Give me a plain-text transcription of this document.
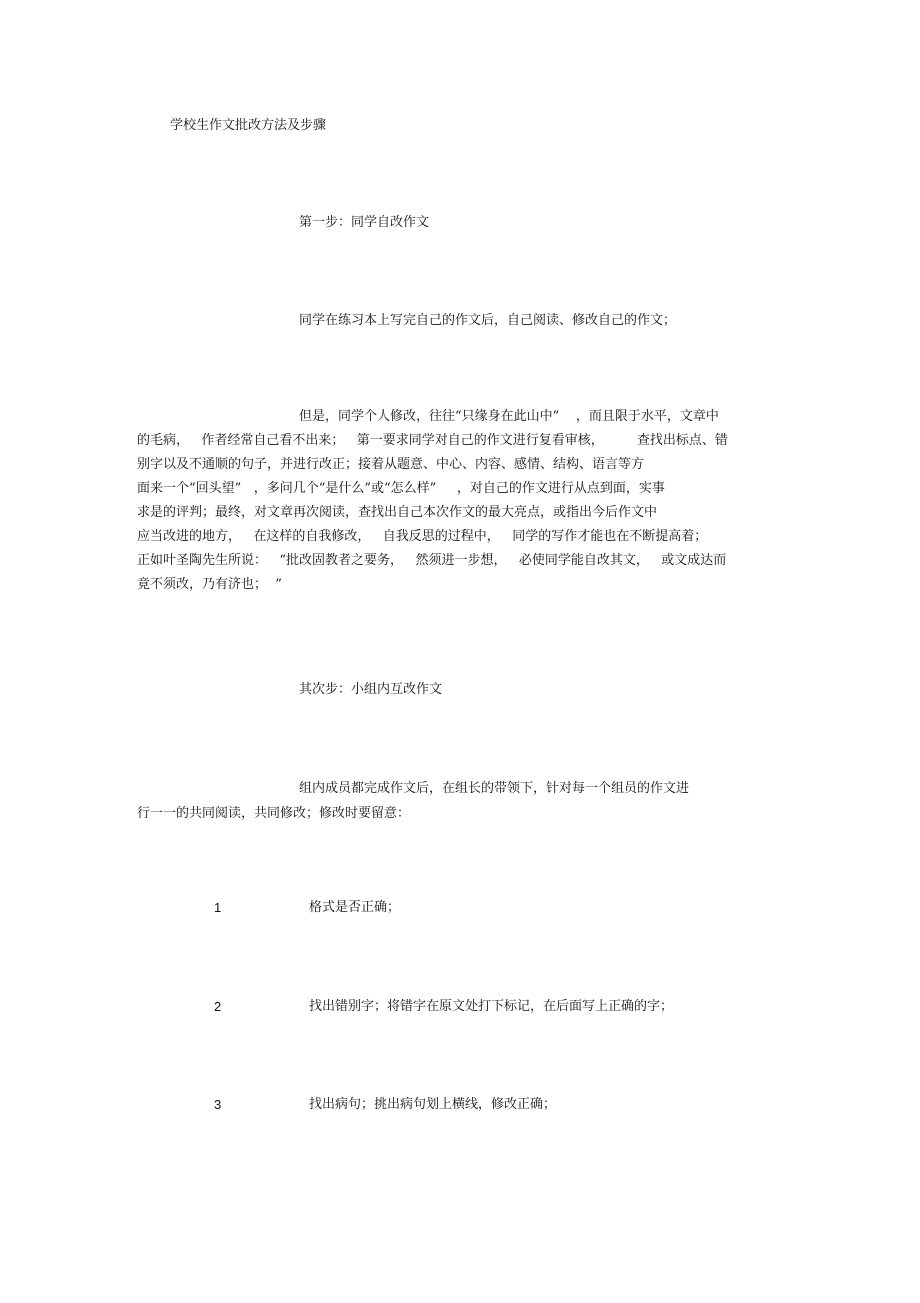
学校生作文批改方法及步骤
第一步：同学自改作文
同学在练习本上写完自己的作文后，自己阅读、修改自己的作文；
但是，同学个人修改，往往“只缘身在此山中”    ，而且限于水平，文章中
的毛病，   作者经常自己看不出来；   第一要求同学对自己的作文进行复看审核，        查找出标点、错
别字以及不通顺的句子，并进行改正；接着从题意、中心、内容、感情、结构、语言等方
面来一个“回头望”   ，多问几个“是什么”或“怎么样”     ，对自己的作文进行从点到面，实事
求是的评判；最终，对文章再次阅读，查找出自己本次作文的最大亮点，或指出今后作文中
应当改进的地方，   在这样的自我修改，   自我反思的过程中，   同学的写作才能也在不断提高着；
正如叶圣陶先生所说：   “批改固教者之要务，   然须进一步想，   必使同学能自改其文，   或文成达而
竟不须改，乃有济也；  ”
其次步：小组内互改作文
组内成员都完成作文后，在组长的带领下，针对每一个组员的作文进
行一一的共同阅读，共同修改；修改时要留意：
1	格式是否正确；
2	找出错别字；将错字在原文处打下标记，在后面写上正确的字；
3	找出病句；挑出病句划上横线，修改正确；
